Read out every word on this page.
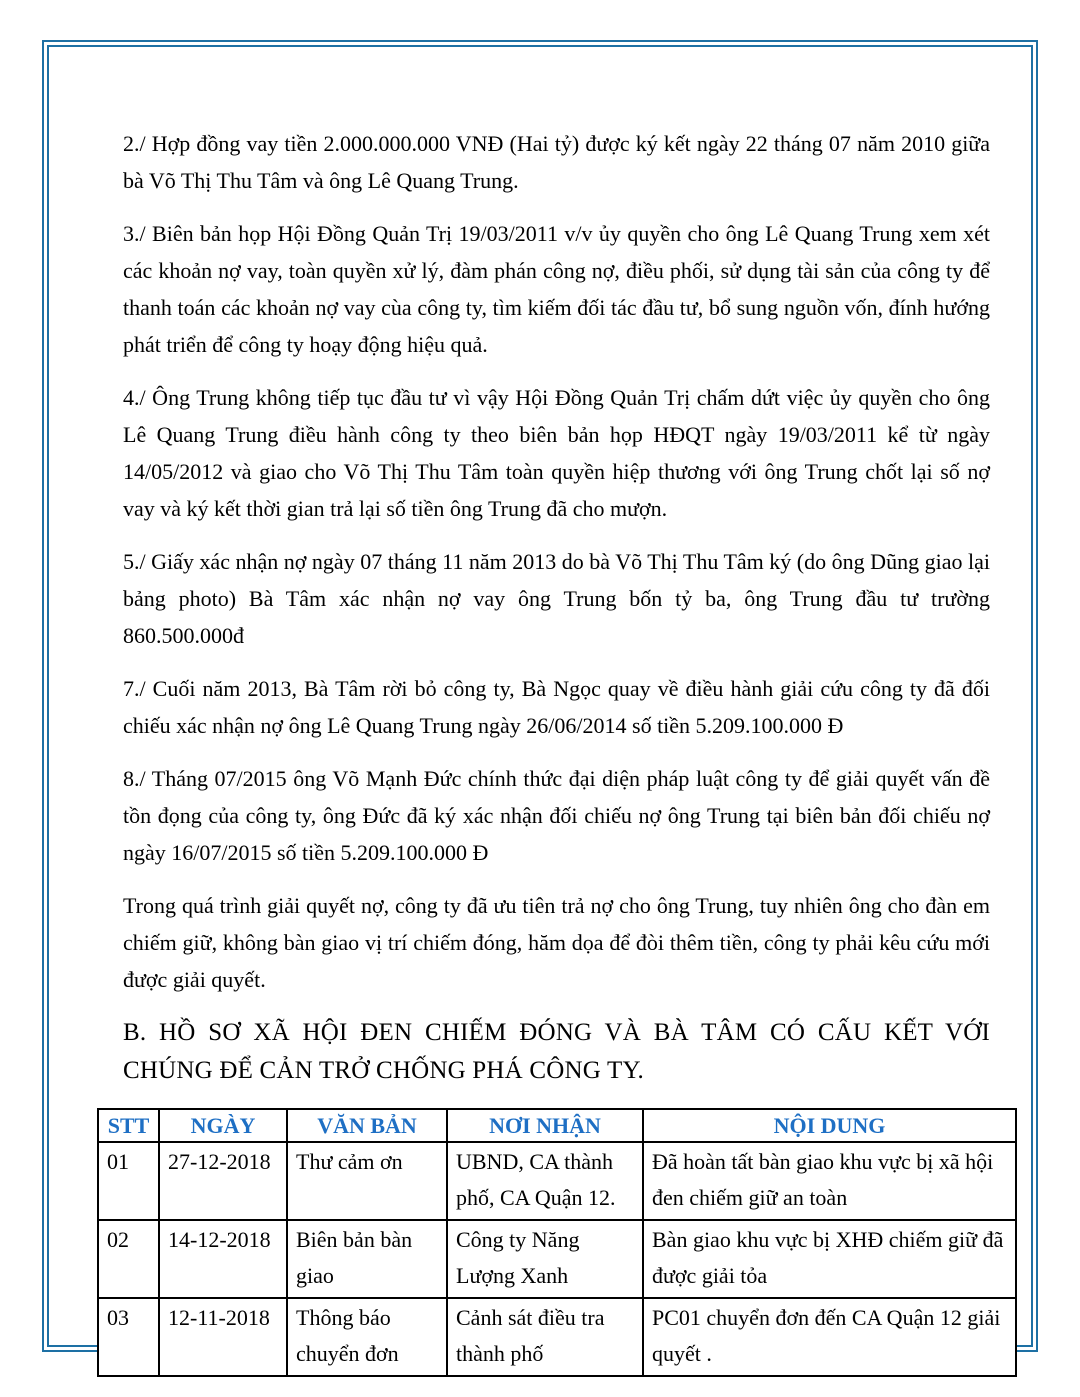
2./ Hợp đồng vay tiền 2.000.000.000 VNĐ (Hai tỷ) được ký kết ngày 22 tháng 07 năm 2010 giữa bà Võ Thị Thu Tâm và ông Lê Quang Trung.

3./ Biên bản họp Hội Đồng Quản Trị 19/03/2011 v/v ủy quyền cho ông Lê Quang Trung xem xét các khoản nợ vay, toàn quyền xử lý, đàm phán công nợ, điều phối, sử dụng tài sản của công ty để thanh toán các khoản nợ vay cùa công ty, tìm kiếm đối tác đầu tư, bổ sung nguồn vốn, đính hướng phát triển để công ty hoạy động hiệu quả.

4./ Ông Trung không tiếp tục đầu tư vì vậy Hội Đồng Quản Trị chấm dứt việc ủy quyền cho ông Lê Quang Trung điều hành công ty theo biên bản họp HĐQT ngày 19/03/2011 kể từ ngày 14/05/2012 và giao cho Võ Thị Thu Tâm toàn quyền hiệp thương với ông Trung chốt lại số nợ vay và ký kết thời gian trả lại số tiền ông Trung đã cho mượn.

5./ Giấy xác nhận nợ ngày 07 tháng 11 năm 2013 do bà Võ Thị Thu Tâm ký (do ông Dũng giao lại bảng photo) Bà Tâm xác nhận nợ vay ông Trung bốn tỷ ba, ông Trung đầu tư trường 860.500.000đ

7./ Cuối năm 2013, Bà Tâm rời bỏ công ty, Bà Ngọc quay về điều hành giải cứu công ty đã đối chiếu xác nhận nợ ông Lê Quang Trung ngày 26/06/2014 số tiền 5.209.100.000 Đ

8./ Tháng 07/2015 ông Võ Mạnh Đức chính thức đại diện pháp luật công ty để giải quyết vấn đề tồn đọng của công ty, ông Đức đã ký xác nhận đối chiếu nợ ông Trung tại biên bản đối chiếu nợ ngày 16/07/2015 số tiền 5.209.100.000 Đ

Trong quá trình giải quyết nợ, công ty đã ưu tiên trả nợ cho ông Trung, tuy nhiên ông cho đàn em chiếm giữ, không bàn giao vị trí chiếm đóng, hăm dọa để đòi thêm tiền, công ty phải kêu cứu mới được giải quyết.

B. HỒ SƠ XÃ HỘI ĐEN CHIẾM ĐÓNG VÀ BÀ TÂM CÓ CẤU KẾT VỚI CHÚNG ĐỂ CẢN TRỞ CHỐNG PHÁ CÔNG TY.

STT	NGÀY	VĂN BẢN	NƠI NHẬN	NỘI DUNG
01	27-12-2018	Thư cảm ơn	UBND, CA thành phố, CA Quận 12.	Đã hoàn tất bàn giao khu vực bị xã hội đen chiếm giữ an toàn
02	14-12-2018	Biên bản bàn giao	Công ty Năng Lượng Xanh	Bàn giao khu vực bị XHĐ chiếm giữ đã được giải tỏa
03	12-11-2018	Thông báo chuyển đơn	Cảnh sát điều tra thành phố	PC01 chuyển đơn đến CA Quận 12 giải quyết .
